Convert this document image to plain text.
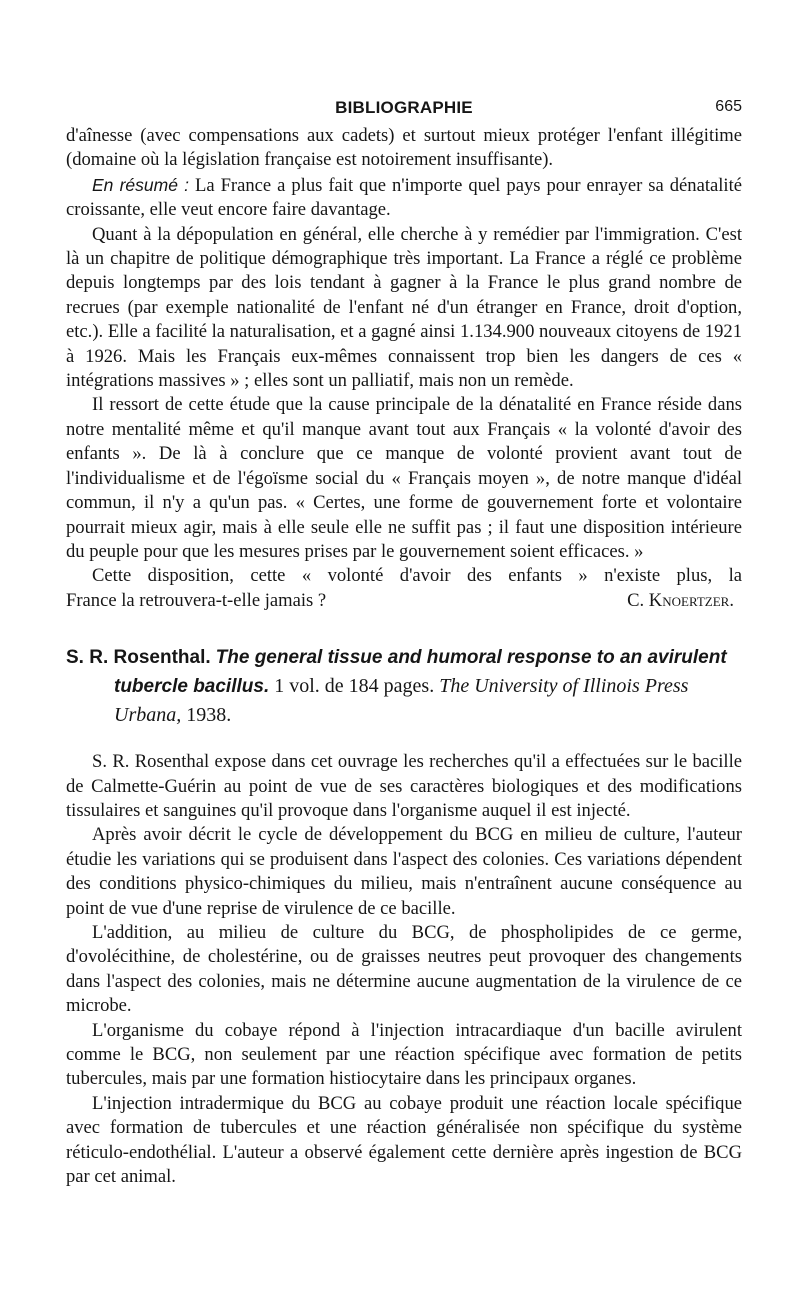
BIBLIOGRAPHIE	665

d'aînesse (avec compensations aux cadets) et surtout mieux protéger l'enfant illégitime (domaine où la législation française est notoirement insuffisante).

En résumé : La France a plus fait que n'importe quel pays pour enrayer sa dénatalité croissante, elle veut encore faire davantage.

Quant à la dépopulation en général, elle cherche à y remédier par l'immigration. C'est là un chapitre de politique démographique très important. La France a réglé ce problème depuis longtemps par des lois tendant à gagner à la France le plus grand nombre de recrues (par exemple nationalité de l'enfant né d'un étranger en France, droit d'option, etc.). Elle a facilité la naturalisation, et a gagné ainsi 1.134.900 nouveaux citoyens de 1921 à 1926. Mais les Français eux-mêmes connaissent trop bien les dangers de ces « intégrations massives » ; elles sont un palliatif, mais non un remède.

Il ressort de cette étude que la cause principale de la dénatalité en France réside dans notre mentalité même et qu'il manque avant tout aux Français « la volonté d'avoir des enfants ». De là à conclure que ce manque de volonté provient avant tout de l'individualisme et de l'égoïsme social du « Français moyen », de notre manque d'idéal commun, il n'y a qu'un pas. « Certes, une forme de gouvernement forte et volontaire pourrait mieux agir, mais à elle seule elle ne suffit pas ; il faut une disposition intérieure du peuple pour que les mesures prises par le gouvernement soient efficaces. »

Cette disposition, cette « volonté d'avoir des enfants » n'existe plus, la

France la retrouvera-t-elle jamais ?	C. Knoertzer.
S. R. Rosenthal. The general tissue and humoral response to an avirulent tubercle bacillus. 1 vol. de 184 pages. The University of Illinois Press Urbana, 1938.

S. R. Rosenthal expose dans cet ouvrage les recherches qu'il a effectuées sur le bacille de Calmette-Guérin au point de vue de ses caractères biologiques et des modifications tissulaires et sanguines qu'il provoque dans l'organisme auquel il est injecté.

Après avoir décrit le cycle de développement du BCG en milieu de culture, l'auteur étudie les variations qui se produisent dans l'aspect des colonies. Ces variations dépendent des conditions physico-chimiques du milieu, mais n'entraînent aucune conséquence au point de vue d'une reprise de virulence de ce bacille.

L'addition, au milieu de culture du BCG, de phospholipides de ce germe, d'ovolécithine, de cholestérine, ou de graisses neutres peut provoquer des changements dans l'aspect des colonies, mais ne détermine aucune augmentation de la virulence de ce microbe.

L'organisme du cobaye répond à l'injection intracardiaque d'un bacille avirulent comme le BCG, non seulement par une réaction spécifique avec formation de petits tubercules, mais par une formation histiocytaire dans les principaux organes.

L'injection intradermique du BCG au cobaye produit une réaction locale spécifique avec formation de tubercules et une réaction généralisée non spécifique du système réticulo-endothélial. L'auteur a observé également cette dernière après ingestion de BCG par cet animal.
